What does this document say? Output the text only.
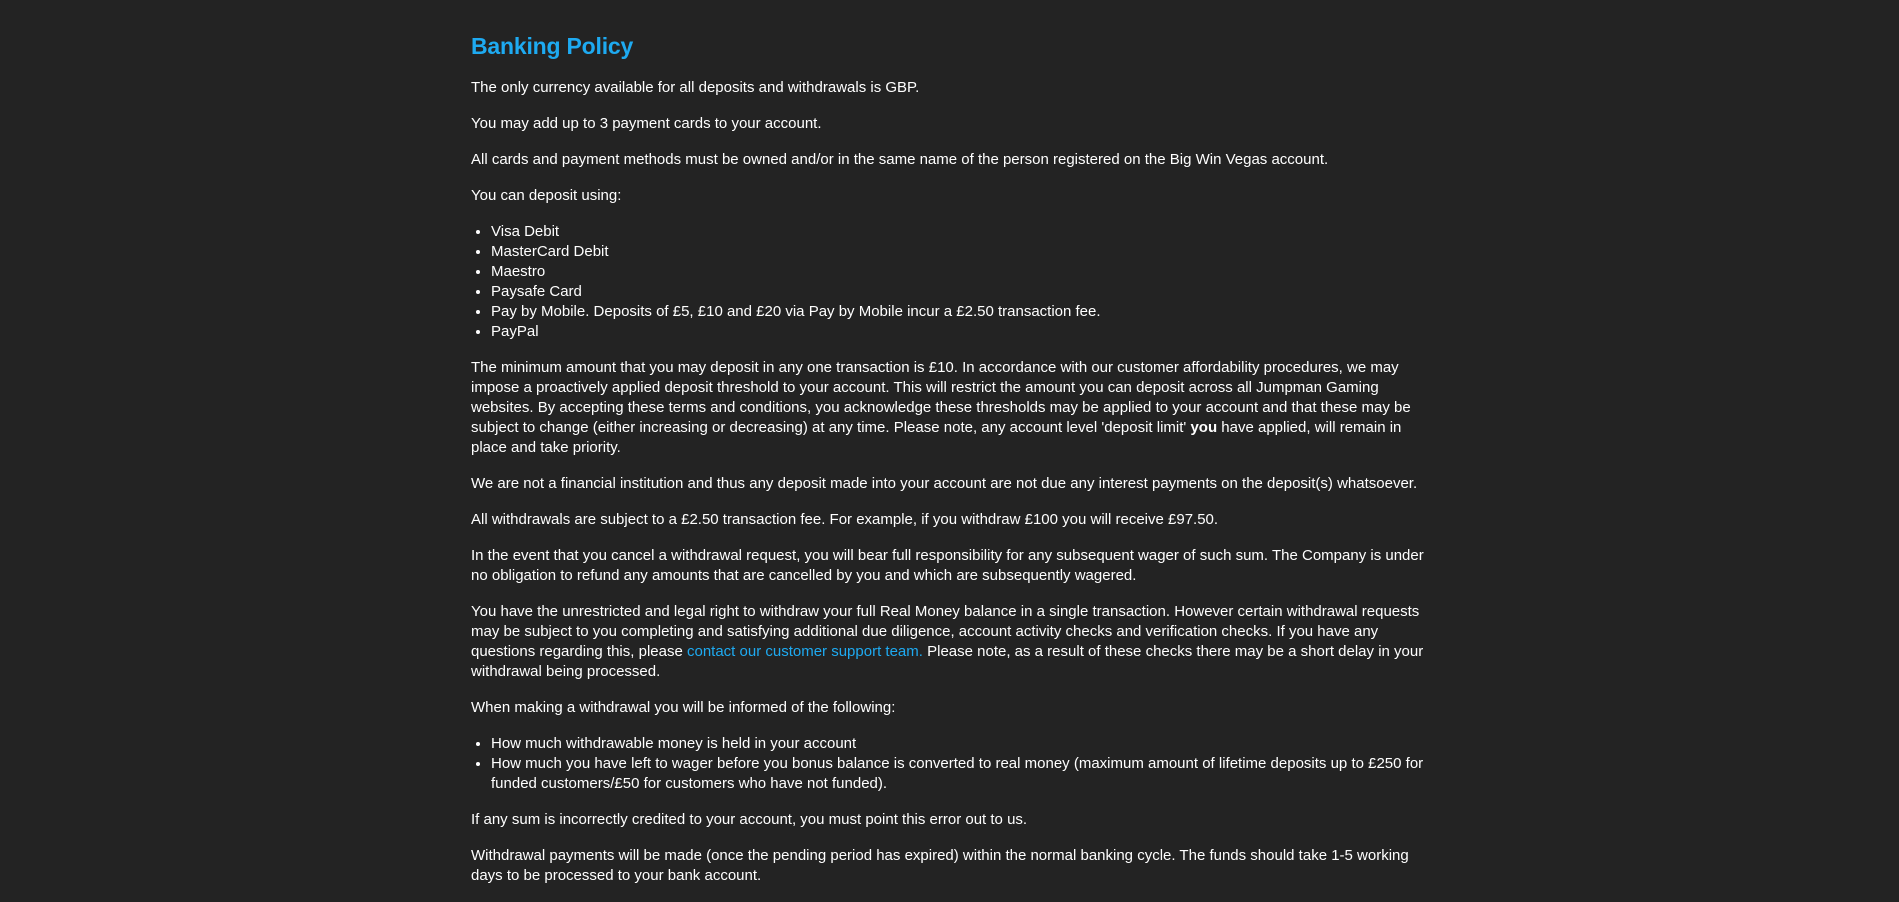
Banking Policy

The only currency available for all deposits and withdrawals is GBP.

You may add up to 3 payment cards to your account.

All cards and payment methods must be owned and/or in the same name of the person registered on the Big Win Vegas account.

You can deposit using:

• Visa Debit
• MasterCard Debit
• Maestro
• Paysafe Card
• Pay by Mobile. Deposits of £5, £10 and £20 via Pay by Mobile incur a £2.50 transaction fee.
• PayPal

The minimum amount that you may deposit in any one transaction is £10. In accordance with our customer affordability procedures, we may impose a proactively applied deposit threshold to your account. This will restrict the amount you can deposit across all Jumpman Gaming websites. By accepting these terms and conditions, you acknowledge these thresholds may be applied to your account and that these may be subject to change (either increasing or decreasing) at any time. Please note, any account level 'deposit limit' you have applied, will remain in place and take priority.

We are not a financial institution and thus any deposit made into your account are not due any interest payments on the deposit(s) whatsoever.

All withdrawals are subject to a £2.50 transaction fee. For example, if you withdraw £100 you will receive £97.50.

In the event that you cancel a withdrawal request, you will bear full responsibility for any subsequent wager of such sum. The Company is under no obligation to refund any amounts that are cancelled by you and which are subsequently wagered.

You have the unrestricted and legal right to withdraw your full Real Money balance in a single transaction. However certain withdrawal requests may be subject to you completing and satisfying additional due diligence, account activity checks and verification checks. If you have any questions regarding this, please contact our customer support team. Please note, as a result of these checks there may be a short delay in your withdrawal being processed.

When making a withdrawal you will be informed of the following:

• How much withdrawable money is held in your account
• How much you have left to wager before you bonus balance is converted to real money (maximum amount of lifetime deposits up to £250 for funded customers/£50 for customers who have not funded).

If any sum is incorrectly credited to your account, you must point this error out to us.

Withdrawal payments will be made (once the pending period has expired) within the normal banking cycle. The funds should take 1-5 working days to be processed to your bank account.
